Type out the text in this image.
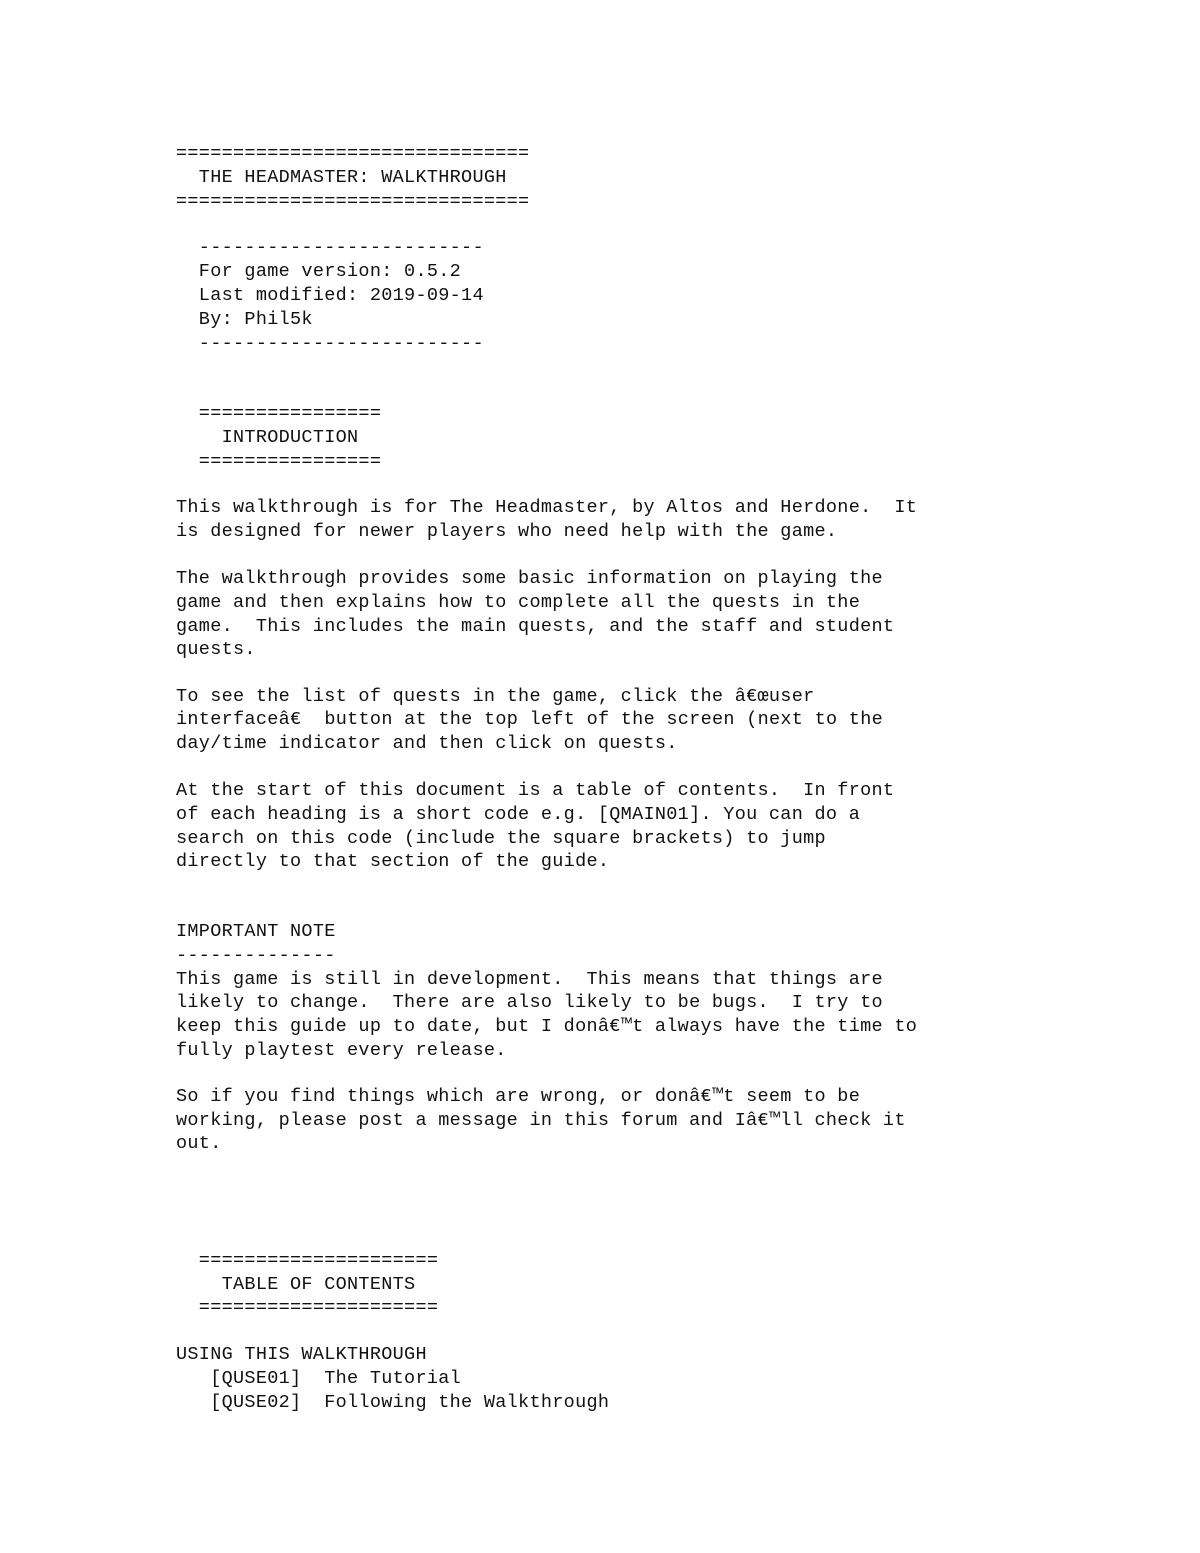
===============================
THE HEADMASTER: WALKTHROUGH
===============================
-------------------------
For game version: 0.5.2
Last modified: 2019-09-14
By: Phil5k
-------------------------
================
INTRODUCTION
================
This walkthrough is for The Headmaster, by Altos and Herdone.  It
is designed for newer players who need help with the game.
The walkthrough provides some basic information on playing the
game and then explains how to complete all the quests in the
game.  This includes the main quests, and the staff and student
quests.
To see the list of quests in the game, click the â€œuser
interfaceâ€ button at the top left of the screen (next to the
day/time indicator and then click on quests.
At the start of this document is a table of contents.  In front
of each heading is a short code e.g. [QMAIN01]. You can do a
search on this code (include the square brackets) to jump
directly to that section of the guide.
IMPORTANT NOTE
--------------
This game is still in development.  This means that things are
likely to change.  There are also likely to be bugs.  I try to
keep this guide up to date, but I donâ€™t always have the time to
fully playtest every release.
So if you find things which are wrong, or donâ€™t seem to be
working, please post a message in this forum and Iâ€™ll check it
out.
=====================
TABLE OF CONTENTS
=====================
USING THIS WALKTHROUGH
[QUSE01]  The Tutorial
[QUSE02]  Following the Walkthrough
